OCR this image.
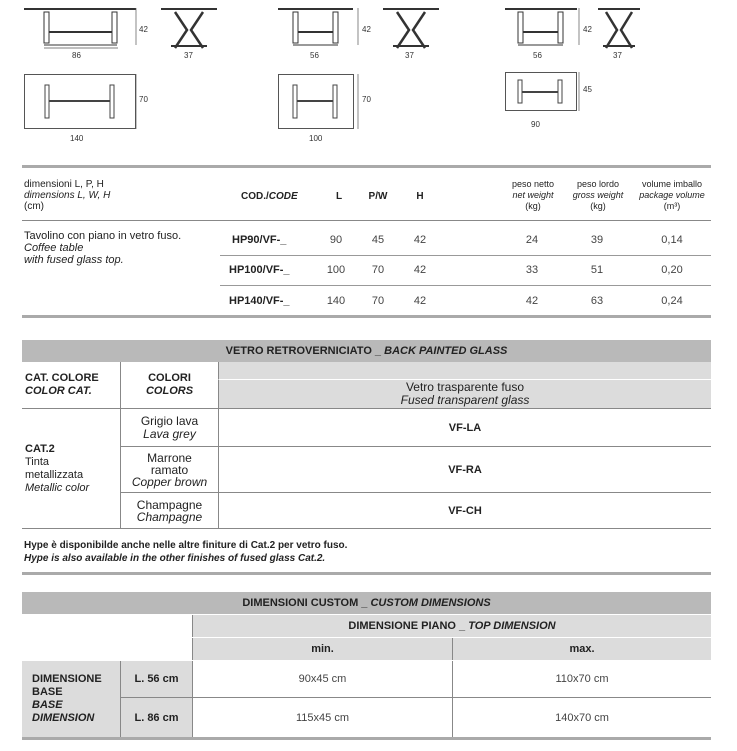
42
86	37
70
140
42
56	37
70
100
42
56	37
45
90
dimensioni L, P, H
dimensions L, W, H
(cm)
COD./CODE	L	P/W	H
peso netto
net weight
(kg)
peso lordo
gross weight
(kg)
volume imballo
package volume
(m³)
Tavolino con piano in vetro fuso.
Coffee table
with fused glass top.
HP90/VF-_	90	45	42	24	39	0,14
HP100/VF-_	100	70	42	33	51	0,20
HP140/VF-_	140	70	42	42	63	0,24
VETRO RETROVERNICIATO _ BACK PAINTED GLASS
CAT. COLORE
COLOR CAT.
COLORI
COLORS	Vetro trasparente fuso
Fused transparent glass
CAT.2
Tinta
metallizzata
Metallic color
Grigio lava
Lava grey	VF-LA
Marrone
ramato
Copper brown
VF-RA
Champagne
Champagne	VF-CH
Hype è disponibilde anche nelle altre finiture di Cat.2 per vetro fuso.
Hype is also available in the other finishes of fused glass Cat.2.
DIMENSIONI CUSTOM _ CUSTOM DIMENSIONS
DIMENSIONE PIANO _ TOP DIMENSION
min.	max.
DIMENSIONE
BASE
BASE
DIMENSION
L. 56 cm	90x45 cm	110x70 cm
L. 86 cm	115x45 cm	140x70 cm
